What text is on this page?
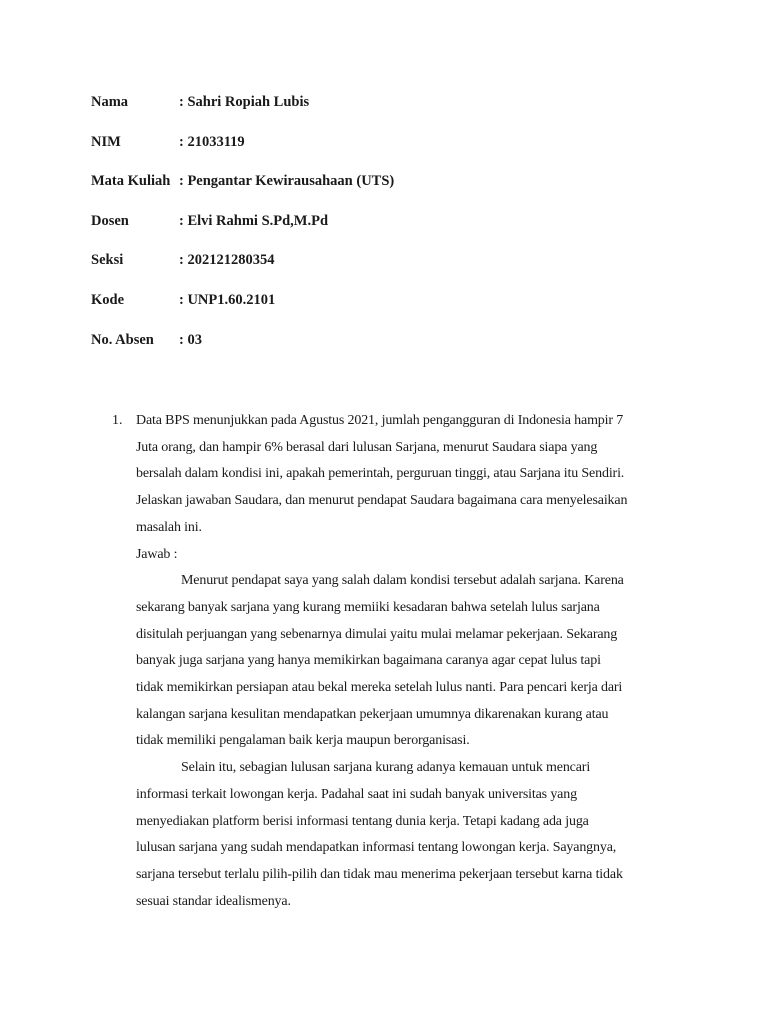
Nama	: Sahri Ropiah Lubis
NIM	: 21033119
Mata Kuliah : Pengantar Kewirausahaan (UTS)
Dosen	: Elvi Rahmi S.Pd,M.Pd
Seksi	: 202121280354
Kode	: UNP1.60.2101
No. Absen	: 03
1. Data BPS menunjukkan pada Agustus 2021, jumlah pengangguran di Indonesia hampir 7
Juta orang, dan hampir 6% berasal dari lulusan Sarjana, menurut Saudara siapa yang
bersalah dalam kondisi ini, apakah pemerintah, perguruan tinggi, atau Sarjana itu Sendiri.
Jelaskan jawaban Saudara, dan menurut pendapat Saudara bagaimana cara menyelesaikan
masalah ini.
Jawab :
Menurut pendapat saya yang salah dalam kondisi tersebut adalah sarjana. Karena
sekarang banyak sarjana yang kurang memiiki kesadaran bahwa setelah lulus sarjana
disitulah perjuangan yang sebenarnya dimulai yaitu mulai melamar pekerjaan. Sekarang
banyak juga sarjana yang hanya memikirkan bagaimana caranya agar cepat lulus tapi
tidak memikirkan persiapan atau bekal mereka setelah lulus nanti. Para pencari kerja dari
kalangan sarjana kesulitan mendapatkan pekerjaan umumnya dikarenakan kurang atau
tidak memiliki pengalaman baik kerja maupun berorganisasi.
Selain itu, sebagian lulusan sarjana kurang adanya kemauan untuk mencari
informasi terkait lowongan kerja. Padahal saat ini sudah banyak universitas yang
menyediakan platform berisi informasi tentang dunia kerja. Tetapi kadang ada juga
lulusan sarjana yang sudah mendapatkan informasi tentang lowongan kerja. Sayangnya,
sarjana tersebut terlalu pilih-pilih dan tidak mau menerima pekerjaan tersebut karna tidak
sesuai standar idealismenya.
